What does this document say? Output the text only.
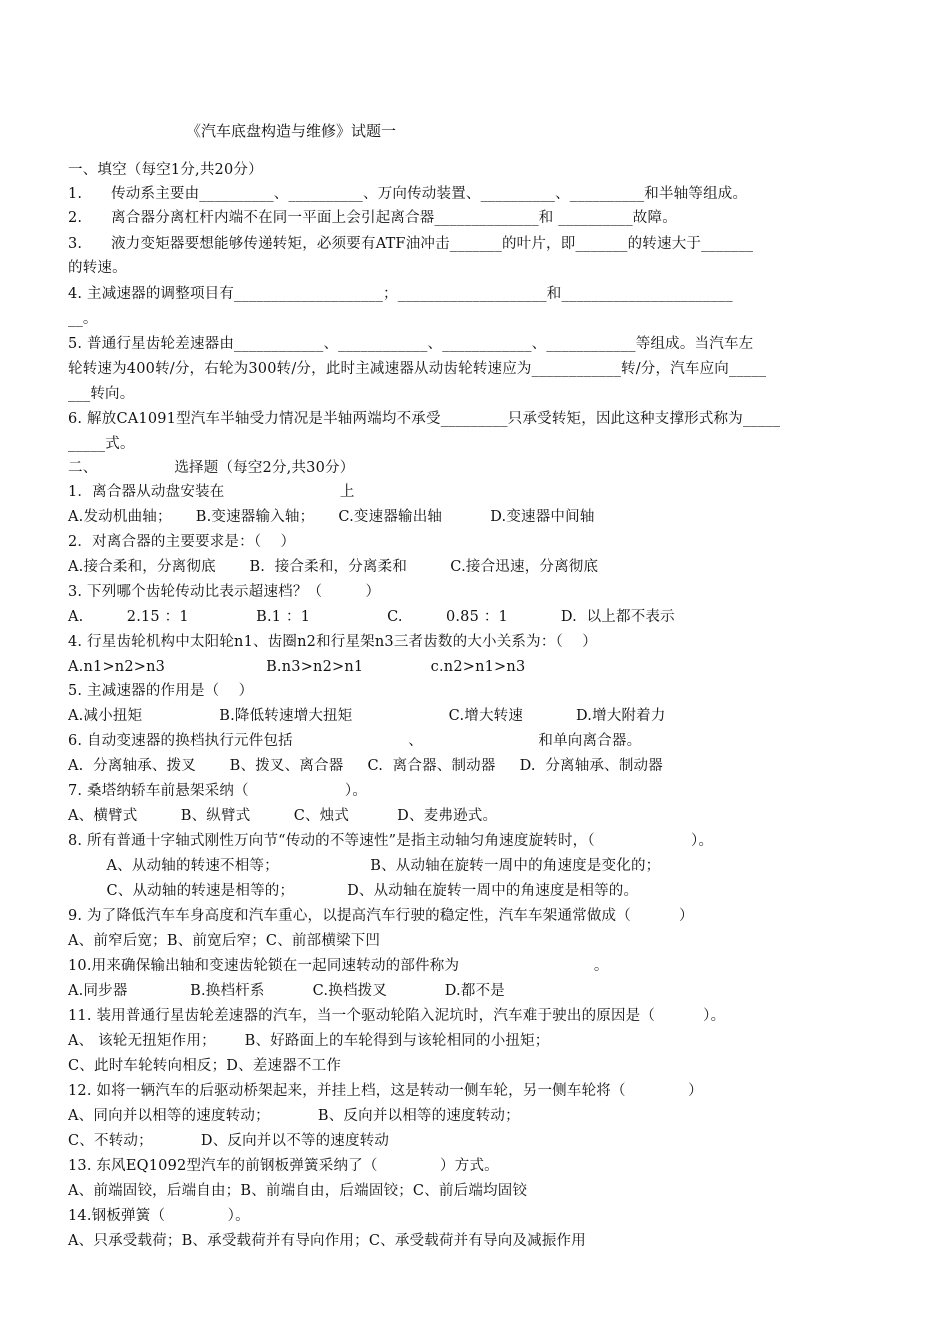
《汽车底盘构造与维修》试题一
一、填空（每空1分,共20分）
1.      传动系主要由__________、__________、万向传动装置、__________、__________和半轴等组成。
2.      离合器分离杠杆内端不在同一平面上会引起离合器______________和 __________故障。
3.      液力变矩器要想能够传递转矩，必须要有ATF油冲击_______的叶片，即_______的转速大于_______
的转速。
4. 主减速器的调整项目有____________________；____________________和_______________________
__。
5. 普通行星齿轮差速器由____________、____________、____________、____________等组成。当汽车左
轮转速为400转/分，右轮为300转/分，此时主减速器从动齿轮转速应为____________转/分，汽车应向_____
___转向。
6. 解放CA1091型汽车半轴受力情况是半轴两端均不承受_________只承受转矩，因此这种支撑形式称为_____
_____式。
二、                选择题（每空2分,共30分）
1．离合器从动盘安装在                        上
A.发动机曲轴；     B.变速器输入轴；     C.变速器输出轴          D.变速器中间轴
2．对离合器的主要要求是：（    ）
A.接合柔和，分离彻底       B.  接合柔和，分离柔和         C.接合迅速，分离彻底
3. 下列哪个齿轮传动比表示超速档？（         ）
A.         2.15 ：1              B.1 ：1                C.         0.85 ：1           D.  以上都不表示
4. 行星齿轮机构中太阳轮n1、齿圈n2和行星架n3三者齿数的大小关系为：（    ）
A.n1>n2>n3                     B.n3>n2>n1              c.n2>n1>n3
5. 主减速器的作用是（    ）
A.减小扭矩                B.降低转速增大扭矩                    C.增大转速           D.增大附着力
6. 自动变速器的换档执行元件包括                        、                        和单向离合器。
A.  分离轴承、拨叉       B、拨叉、离合器     C.  离合器、制动器     D.  分离轴承、制动器
7. 桑塔纳轿车前悬架采纳（                    ）。
A、横臂式         B、纵臂式         C、烛式          D、麦弗逊式。
8. 所有普通十字轴式刚性万向节“传动的不等速性”是指主动轴匀角速度旋转时，（                    ）。
A、从动轴的转速不相等；                   B、从动轴在旋转一周中的角速度是变化的；
C、从动轴的转速是相等的；           D、从动轴在旋转一周中的角速度是相等的。
9. 为了降低汽车车身高度和汽车重心，以提高汽车行驶的稳定性，汽车车架通常做成（          ）
A、前窄后宽；B、前宽后窄；C、前部横梁下凹
10.用来确保输出轴和变速齿轮锁在一起同速转动的部件称为                            。
A.同步器             B.换档杆系          C.换档拨叉            D.都不是
11. 装用普通行星齿轮差速器的汽车，当一个驱动轮陷入泥坑时，汽车难于驶出的原因是（          ）。
A、 该轮无扭矩作用；      B、好路面上的车轮得到与该轮相同的小扭矩；
C、此时车轮转向相反；D、差速器不工作
12. 如将一辆汽车的后驱动桥架起来，并挂上档，这是转动一侧车轮，另一侧车轮将（             ）
A、同向并以相等的速度转动；          B、反向并以相等的速度转动；
C、不转动；          D、反向并以不等的速度转动
13. 东风EQ1092型汽车的前钢板弹簧采纳了（             ）方式。
A、前端固铰，后端自由；B、前端自由，后端固铰；C、前后端均固铰
14.钢板弹簧（             ）。
A、只承受载荷；B、承受载荷并有导向作用；C、承受载荷并有导向及减振作用
